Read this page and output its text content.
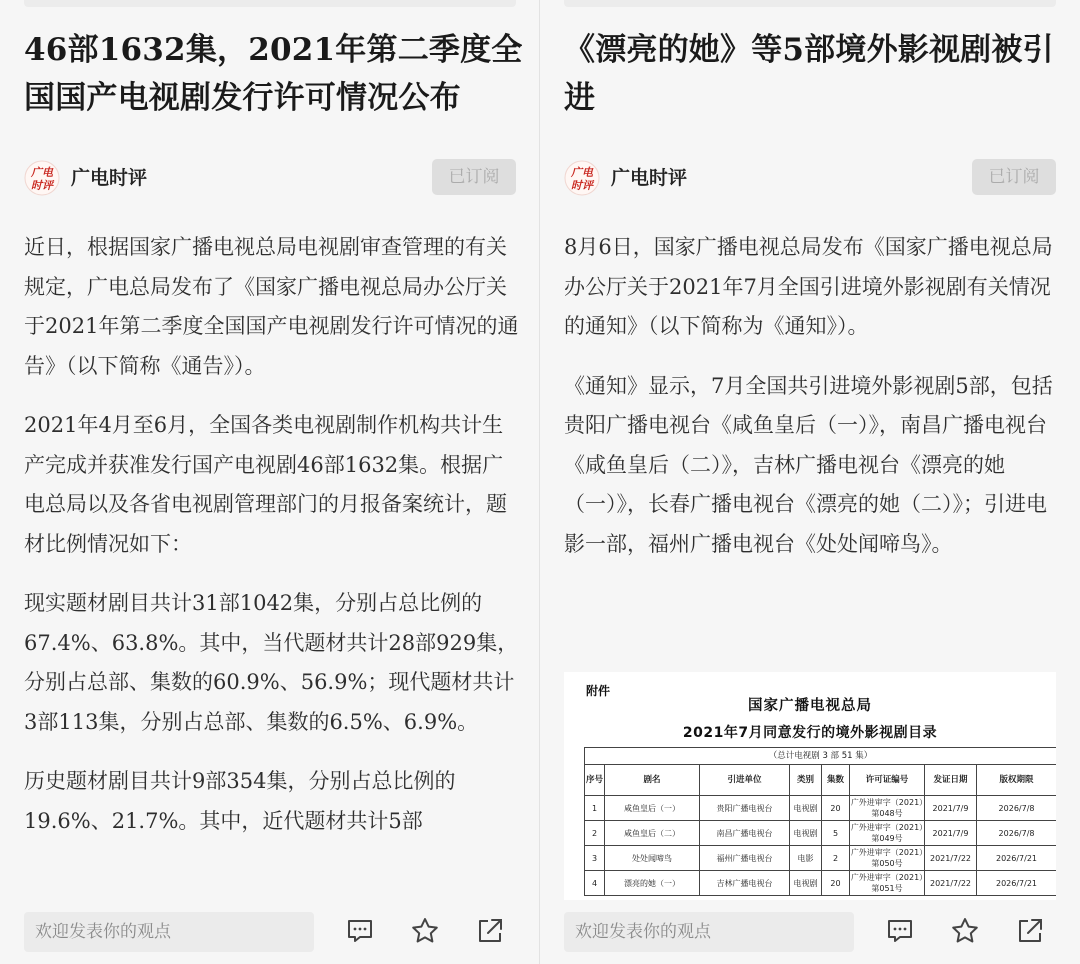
46部1632集，2021年第二季度全国国产电视剧发行许可情况公布
广电
时评 广电时评	已订阅

近日，根据国家广播电视总局电视剧审查管理的有关规定，广电总局发布了《国家广播电视总局办公厅关于2021年第二季度全国国产电视剧发行许可情况的通告》（以下简称《通告》）。

2021年4月至6月，全国各类电视剧制作机构共计生产完成并获准发行国产电视剧46部1632集。根据广电总局以及各省电视剧管理部门的月报备案统计，题材比例情况如下：

现实题材剧目共计31部1042集，分别占总比例的67.4%、63.8%。其中，当代题材共计28部929集，分别占总部、集数的60.9%、56.9%；现代题材共计3部113集，分别占总部、集数的6.5%、6.9%。

历史题材剧目共计9部354集，分别占总比例的19.6%、21.7%。其中，近代题材共计5部

欢迎发表你的观点
《漂亮的她》等5部境外影视剧被引进
广电
时评 广电时评	已订阅

8月6日，国家广播电视总局发布《国家广播电视总局办公厅关于2021年7月全国引进境外影视剧有关情况的通知》（以下简称为《通知》）。

《通知》显示，7月全国共引进境外影视剧5部，包括贵阳广播电视台《咸鱼皇后（一）》，南昌广播电视台《咸鱼皇后（二）》，吉林广播电视台《漂亮的她（一）》，长春广播电视台《漂亮的她（二）》；引进电影一部，福州广播电视台《处处闻啼鸟》。

附件
国家广播电视总局
2021年7月同意发行的境外影视剧目录
（总计电视剧 3 部 51 集）							
序号	剧名	引进单位	类别	集数	许可证编号	发证日期	版权期限
1	咸鱼皇后（一）	贵阳广播电视台	电视剧	20	广外进审字（2021）第048号	2021/7/9	2026/7/8
2	咸鱼皇后（二）	南昌广播电视台	电视剧	5	广外进审字（2021）第049号	2021/7/9	2026/7/8
3	处处闻啼鸟	福州广播电视台	电影	2	广外进审字（2021）第050号	2021/7/22	2026/7/21
4	漂亮的她（一）	吉林广播电视台	电视剧	20	广外进审字（2021）第051号	2021/7/22	2026/7/21
欢迎发表你的观点
